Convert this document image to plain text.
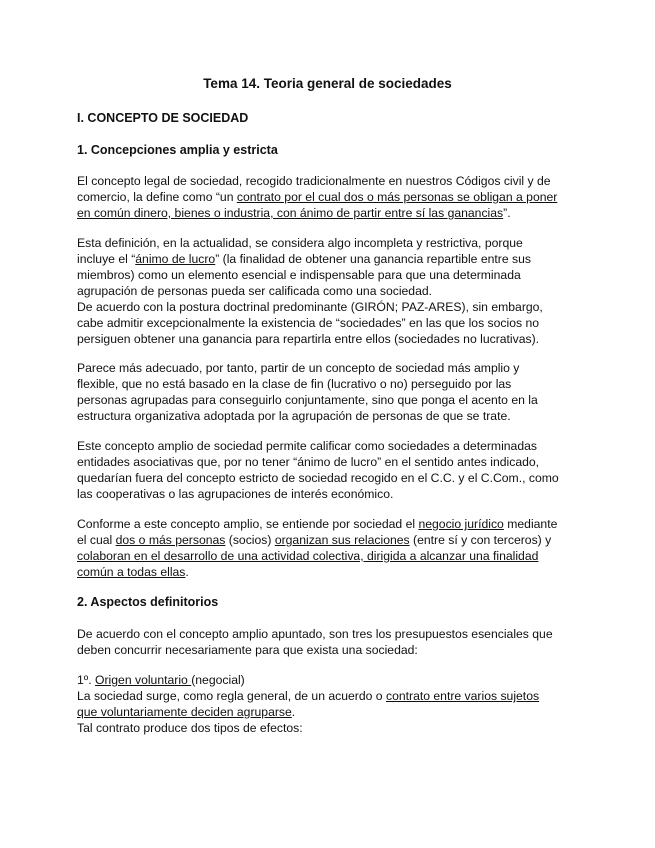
Tema 14. Teoria general de sociedades
I. CONCEPTO DE SOCIEDAD
1. Concepciones amplia y estricta

El concepto legal de sociedad, recogido tradicionalmente en nuestros Códigos civil y de comercio, la define como “un contrato por el cual dos o más personas se obligan a poner en común dinero, bienes o industria, con ánimo de partir entre sí las ganancias”.

Esta definición, en la actualidad, se considera algo incompleta y restrictiva, porque incluye el “ánimo de lucro” (la finalidad de obtener una ganancia repartible entre sus miembros) como un elemento esencial e indispensable para que una determinada agrupación de personas pueda ser calificada como una sociedad.
De acuerdo con la postura doctrinal predominante (GIRÓN; PAZ-ARES), sin embargo, cabe admitir excepcionalmente la existencia de “sociedades” en las que los socios no persiguen obtener una ganancia para repartirla entre ellos (sociedades no lucrativas).

Parece más adecuado, por tanto, partir de un concepto de sociedad más amplio y flexible, que no está basado en la clase de fin (lucrativo o no) perseguido por las personas agrupadas para conseguirlo conjuntamente, sino que ponga el acento en la estructura organizativa adoptada por la agrupación de personas de que se trate.

Este concepto amplio de sociedad permite calificar como sociedades a determinadas entidades asociativas que, por no tener “ánimo de lucro” en el sentido antes indicado, quedarían fuera del concepto estricto de sociedad recogido en el C.C. y el C.Com., como las cooperativas o las agrupaciones de interés económico.

Conforme a este concepto amplio, se entiende por sociedad el negocio jurídico mediante el cual dos o más personas (socios) organizan sus relaciones (entre sí y con terceros) y colaboran en el desarrollo de una actividad colectiva, dirigida a alcanzar una finalidad común a todas ellas.

2. Aspectos definitorios

De acuerdo con el concepto amplio apuntado, son tres los presupuestos esenciales que deben concurrir necesariamente para que exista una sociedad:

1º. Origen voluntario (negocial)
La sociedad surge, como regla general, de un acuerdo o contrato entre varios sujetos que voluntariamente deciden agruparse.
Tal contrato produce dos tipos de efectos:
